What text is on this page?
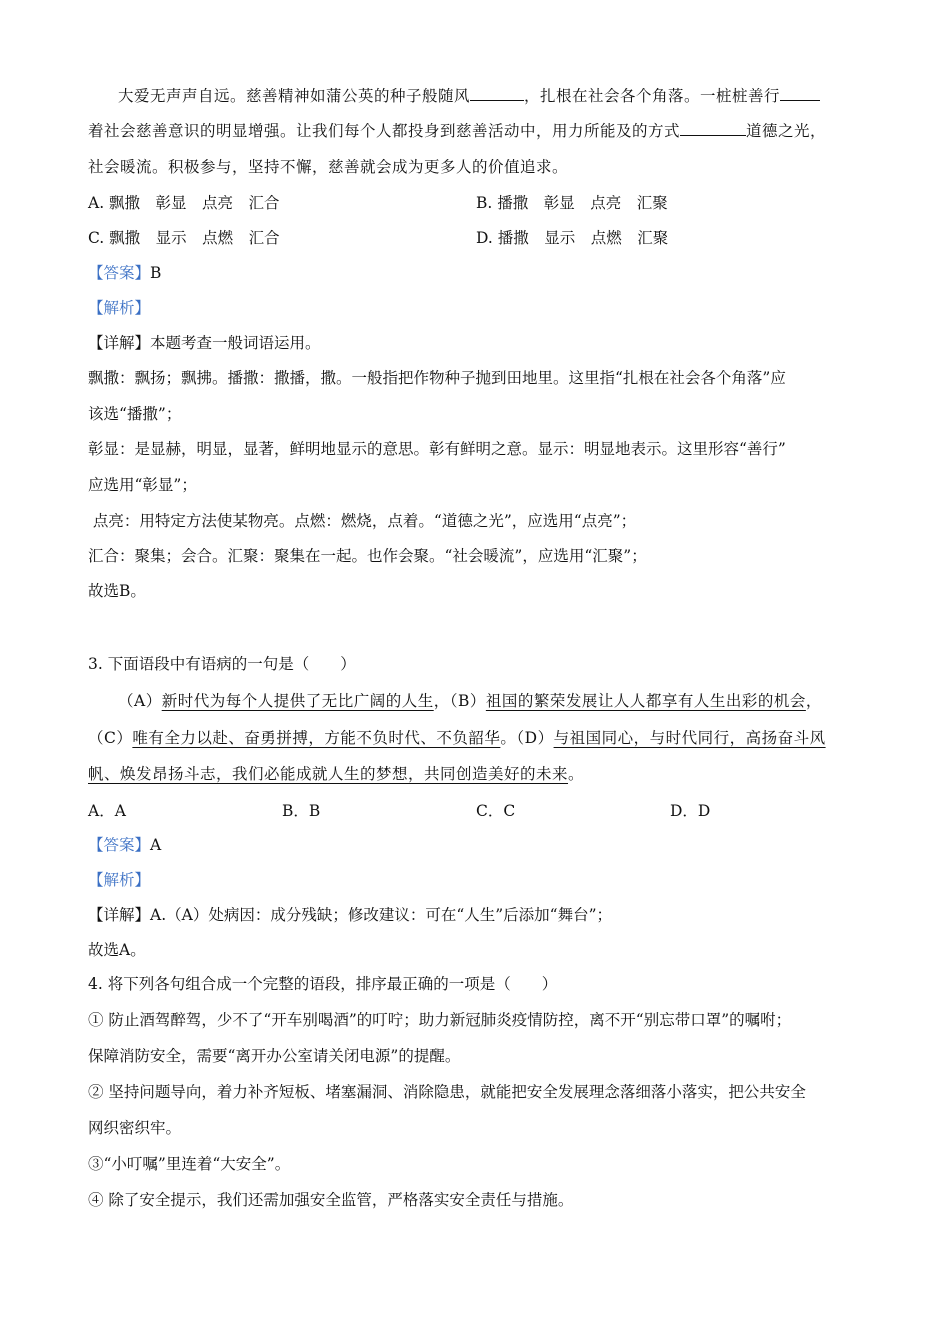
大爱无声声自远。慈善精神如蒲公英的种子般随风	，扎根在社会各个角落。一桩桩善行
着社会慈善意识的明显增强。让我们每个人都投身到慈善活动中，用力所能及的方式	道德之光，
社会暖流。积极参与，坚持不懈，慈善就会成为更多人的价值追求。
A. 飘撒　彰显　点亮　汇合	B. 播撒　彰显　点亮　汇聚
C. 飘撒　显示　点燃　汇合	D. 播撒　显示　点燃　汇聚
【答案】B
【解析】
【详解】本题考查一般词语运用。
飘撒：飘扬；飘拂。播撒：撒播，撒。一般指把作物种子抛到田地里。这里指“扎根在社会各个角落”应
该选“播撒”；
彰显：是显赫，明显，显著，鲜明地显示的意思。彰有鲜明之意。显示：明显地表示。这里形容“善行”
应选用“彰显”；
点亮：用特定方法使某物亮。点燃：燃烧，点着。“道德之光”，应选用“点亮”；
汇合：聚集；会合。汇聚：聚集在一起。也作会聚。“社会暖流”，应选用“汇聚”；
故选B。
3. 下面语段中有语病的一句是（　　）
（A）新时代为每个人提供了无比广阔的人生，（B）祖国的繁荣发展让人人都享有人生出彩的机会，
（C）唯有全力以赴、奋勇拼搏，方能不负时代、不负韶华。（D）与祖国同心，与时代同行，高扬奋斗风
帆、焕发昂扬斗志，我们必能成就人生的梦想，共同创造美好的未来。
A．A	B．B	C．C	D．D
【答案】A
【解析】
【详解】A.（A）处病因：成分残缺；修改建议：可在“人生”后添加“舞台”；
故选A。
4. 将下列各句组合成一个完整的语段，排序最正确的一项是（　　）
① 防止酒驾醉驾，少不了“开车别喝酒”的叮咛；助力新冠肺炎疫情防控，离不开“别忘带口罩”的嘱咐；
保障消防安全，需要“离开办公室请关闭电源”的提醒。
② 坚持问题导向，着力补齐短板、堵塞漏洞、消除隐患，就能把安全发展理念落细落小落实，把公共安全
网织密织牢。
③“小叮嘱”里连着“大安全”。
④ 除了安全提示，我们还需加强安全监管，严格落实安全责任与措施。
